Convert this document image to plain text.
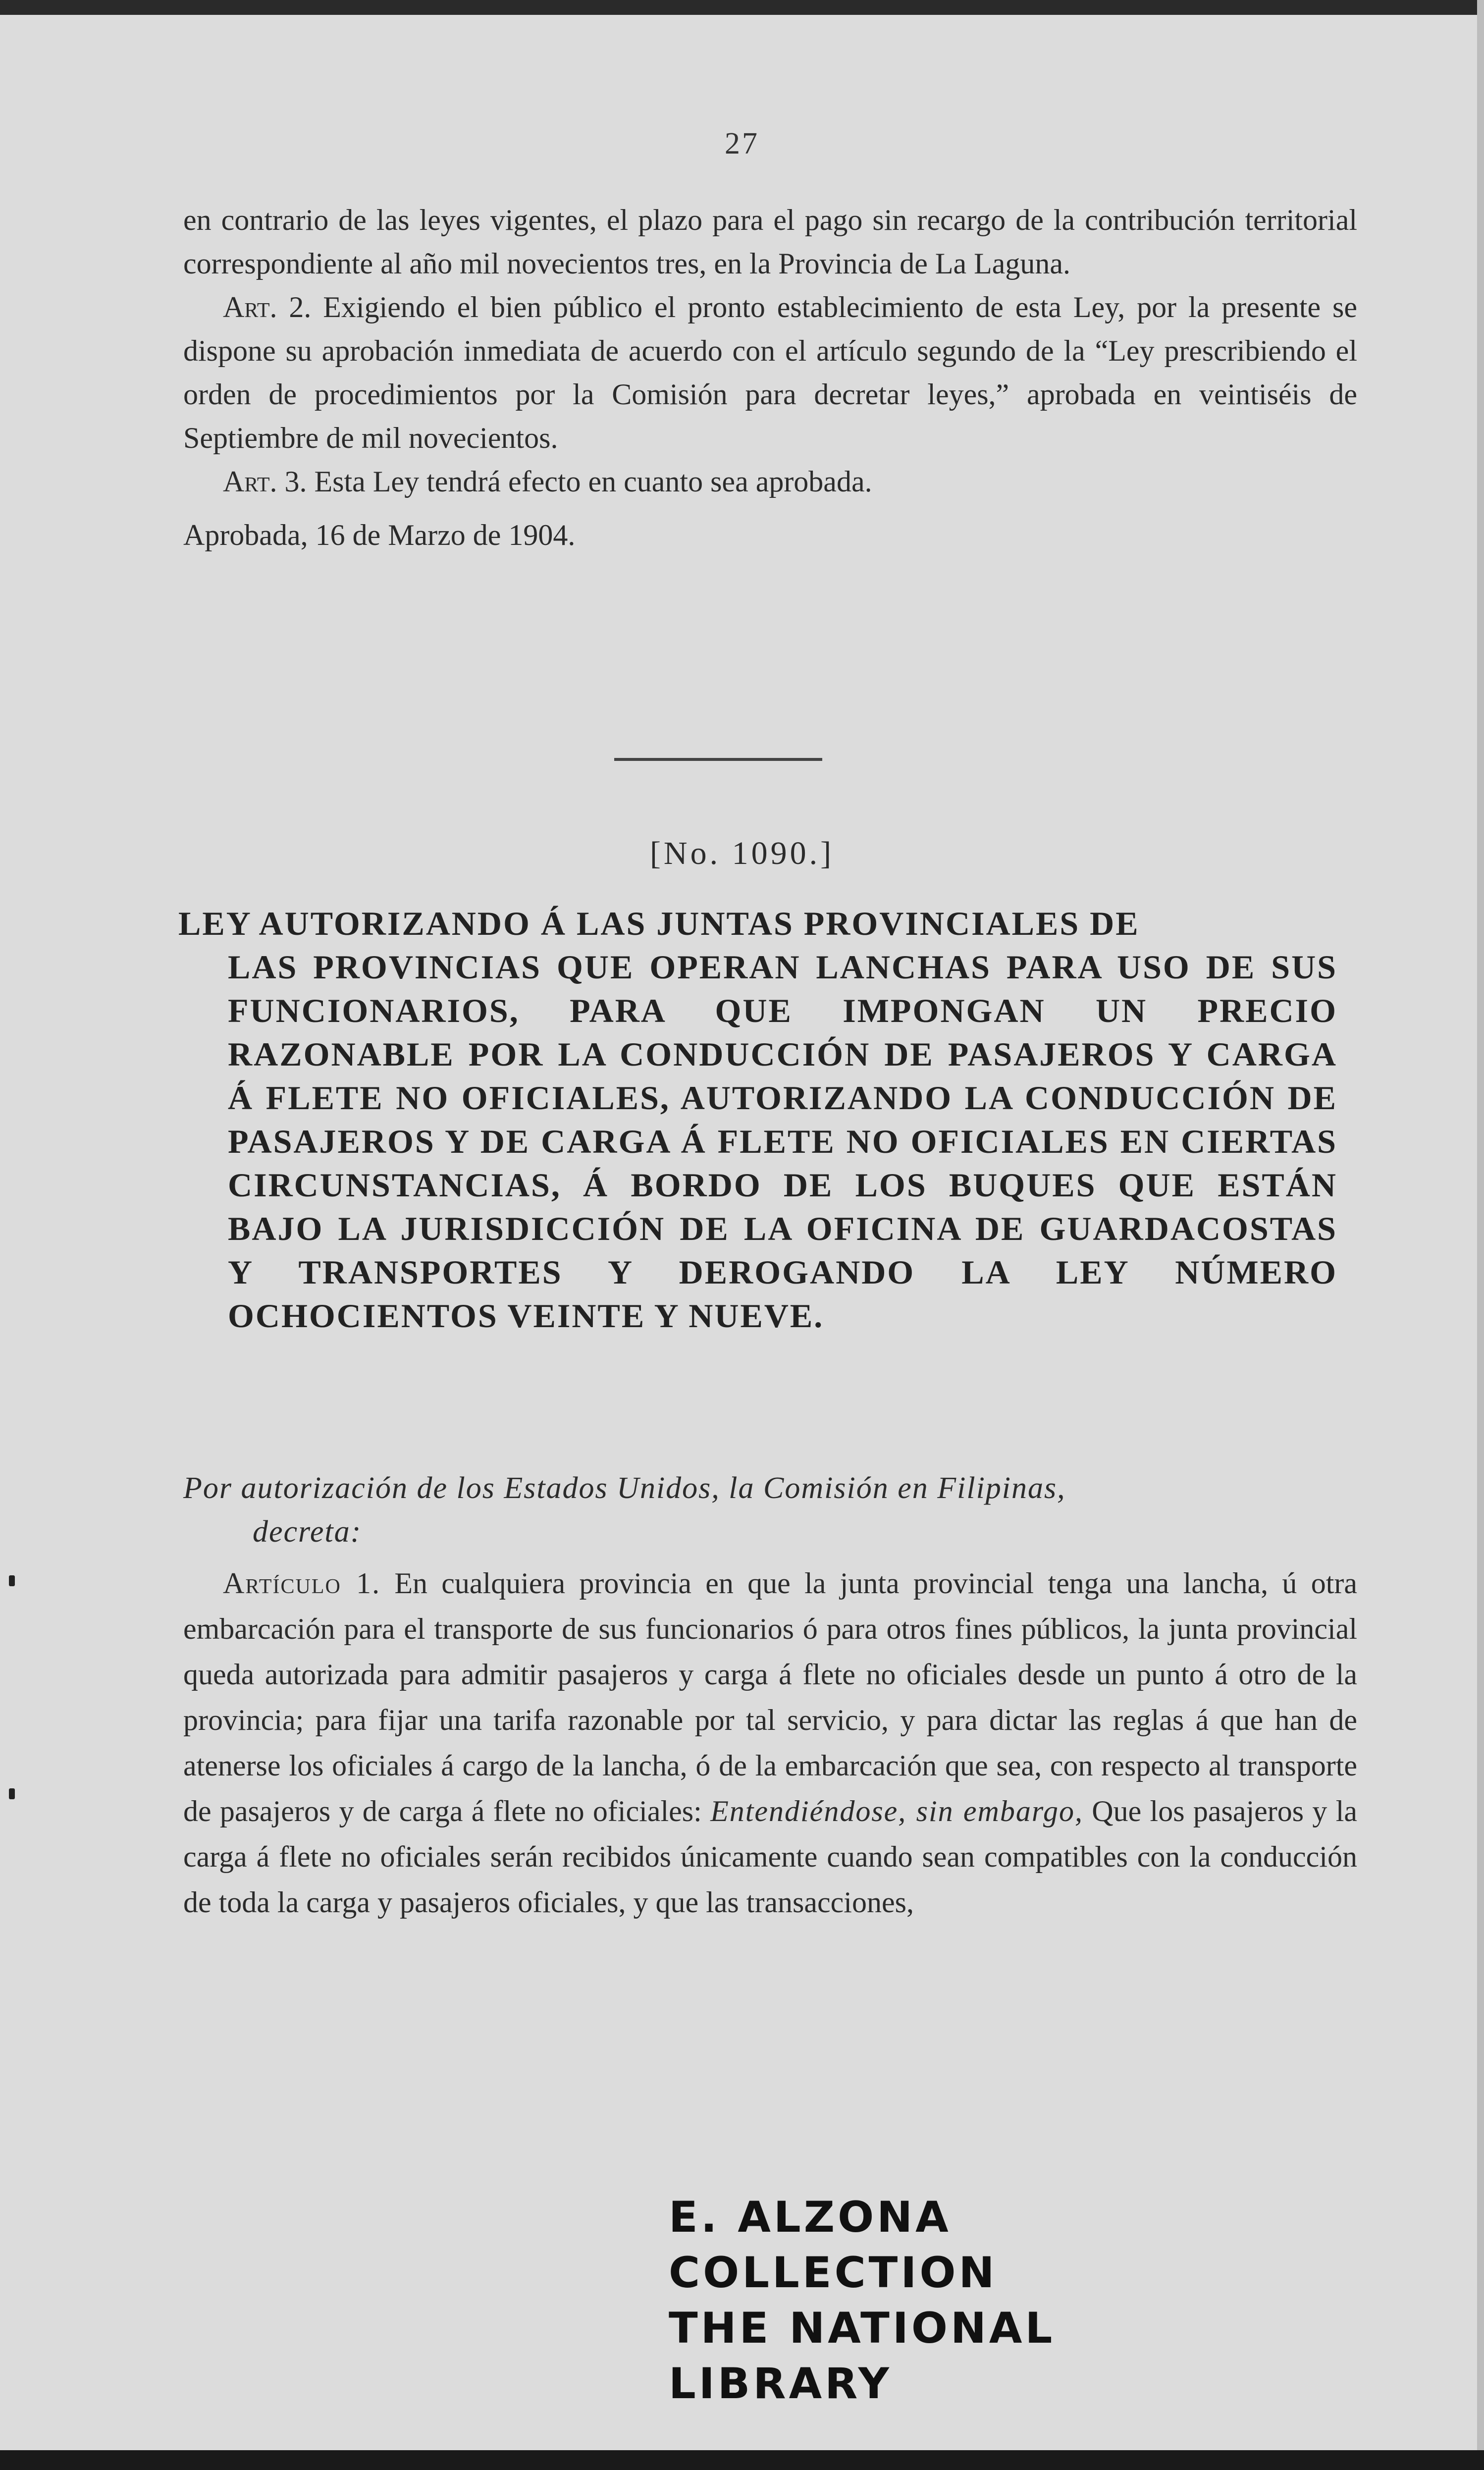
27

en contrario de las leyes vigentes, el plazo para el pago sin recargo de la contribución territorial correspondiente al año mil novecientos tres, en la Provincia de La Laguna.

Art. 2. Exigiendo el bien público el pronto establecimiento de esta Ley, por la presente se dispone su aprobación inmediata de acuerdo con el artículo segundo de la “Ley prescribiendo el orden de procedimientos por la Comisión para decretar leyes,” aprobada en veintiséis de Septiembre de mil novecientos.

Art. 3. Esta Ley tendrá efecto en cuanto sea aprobada.

Aprobada, 16 de Marzo de 1904.

[No. 1090.]
LEY AUTORIZANDO Á LAS JUNTAS PROVINCIALES DE
LAS PROVINCIAS QUE OPERAN LANCHAS PARA USO DE SUS FUNCIONARIOS, PARA QUE IMPONGAN UN PRECIO RAZONABLE POR LA CONDUCCIÓN DE PASAJEROS Y CARGA Á FLETE NO OFICIALES, AUTORIZANDO LA CONDUCCIÓN DE PASAJEROS Y DE CARGA Á FLETE NO OFICIALES EN CIERTAS CIRCUNSTANCIAS, Á BORDO DE LOS BUQUES QUE ESTÁN BAJO LA JURISDICCIÓN DE LA OFICINA DE GUARDACOSTAS Y TRANSPORTES Y DEROGANDO LA LEY NÚMERO OCHOCIENTOS VEINTE Y NUEVE.
Por autorización de los Estados Unidos, la Comisión en Filipinas,
decreta:

Artículo 1. En cualquiera provincia en que la junta provincial tenga una lancha, ú otra embarcación para el transporte de sus funcionarios ó para otros fines públicos, la junta provincial queda autorizada para admitir pasajeros y carga á flete no oficiales desde un punto á otro de la provincia; para fijar una tarifa razonable por tal servicio, y para dictar las reglas á que han de atenerse los oficiales á cargo de la lancha, ó de la embarcación que sea, con respecto al transporte de pasajeros y de carga á flete no oficiales: Entendiéndose, sin embargo, Que los pasajeros y la carga á flete no oficiales serán recibidos únicamente cuando sean compatibles con la conducción de toda la carga y pasajeros oficiales, y que las transacciones,

E. ALZONA COLLECTION
THE NATIONAL LIBRARY
